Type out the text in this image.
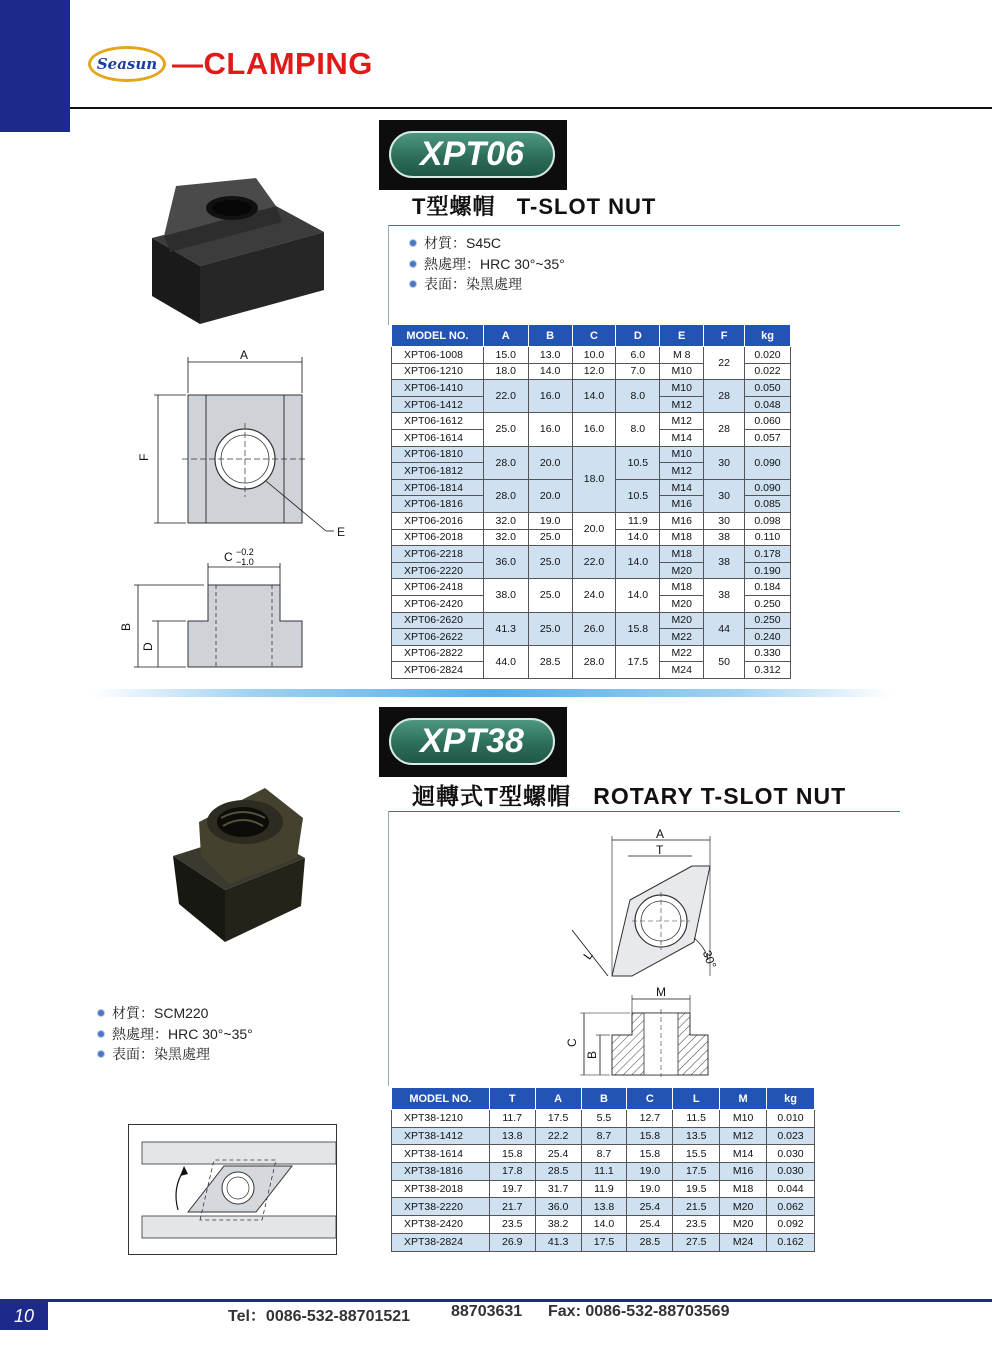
Seasun —CLAMPING
XPT06
T型螺帽 T-SLOT NUT
材質：S45C
熱處理：HRC 30°~35°
表面：染黑處理
A
F
E
C −0.2
−1.0
B
D
MODEL NO.	A	B	C	D	E	F	kg
XPT06-1008	15.0	13.0	10.0	6.0	M 8	22	0.020
XPT06-1210	18.0	14.0	12.0	7.0	M10		0.022
XPT06-1410	22.0	16.0	14.0	8.0	M10	28	0.050
XPT06-1412					M12		0.048
XPT06-1612	25.0	16.0	16.0	8.0	M12	28	0.060
XPT06-1614					M14		0.057
XPT06-1810	28.0	20.0	18.0	10.5	M10	30	0.090
XPT06-1812					M12		
XPT06-1814	28.0	20.0		10.5	M14	30	0.090
XPT06-1816					M16		0.085
XPT06-2016	32.0	19.0	20.0	11.9	M16	30	0.098
XPT06-2018	32.0	25.0		14.0	M18	38	0.110
XPT06-2218	36.0	25.0	22.0	14.0	M18	38	0.178
XPT06-2220					M20		0.190
XPT06-2418	38.0	25.0	24.0	14.0	M18	38	0.184
XPT06-2420					M20		0.250
XPT06-2620	41.3	25.0	26.0	15.8	M20	44	0.250
XPT06-2622					M22		0.240
XPT06-2822	44.0	28.5	28.0	17.5	M22	50	0.330
XPT06-2824					M24		0.312
XPT38
迴轉式T型螺帽 ROTARY T-SLOT NUT
材質：SCM220
熱處理：HRC 30°~35°
表面：染黑處理
A
T
L	30°
M
C
B
MODEL NO.	T	A	B	C	L	M	kg
XPT38-1210	11.7	17.5	5.5	12.7	11.5	M10	0.010
XPT38-1412	13.8	22.2	8.7	15.8	13.5	M12	0.023
XPT38-1614	15.8	25.4	8.7	15.8	15.5	M14	0.030
XPT38-1816	17.8	28.5	11.1	19.0	17.5	M16	0.030
XPT38-2018	19.7	31.7	11.9	19.0	19.5	M18	0.044
XPT38-2220	21.7	36.0	13.8	25.4	21.5	M20	0.062
XPT38-2420	23.5	38.2	14.0	25.4	23.5	M20	0.092
XPT38-2824	26.9	41.3	17.5	28.5	27.5	M24	0.162
10	Tel：0086-532-88701521	88703631 Fax: 0086-532-88703569
